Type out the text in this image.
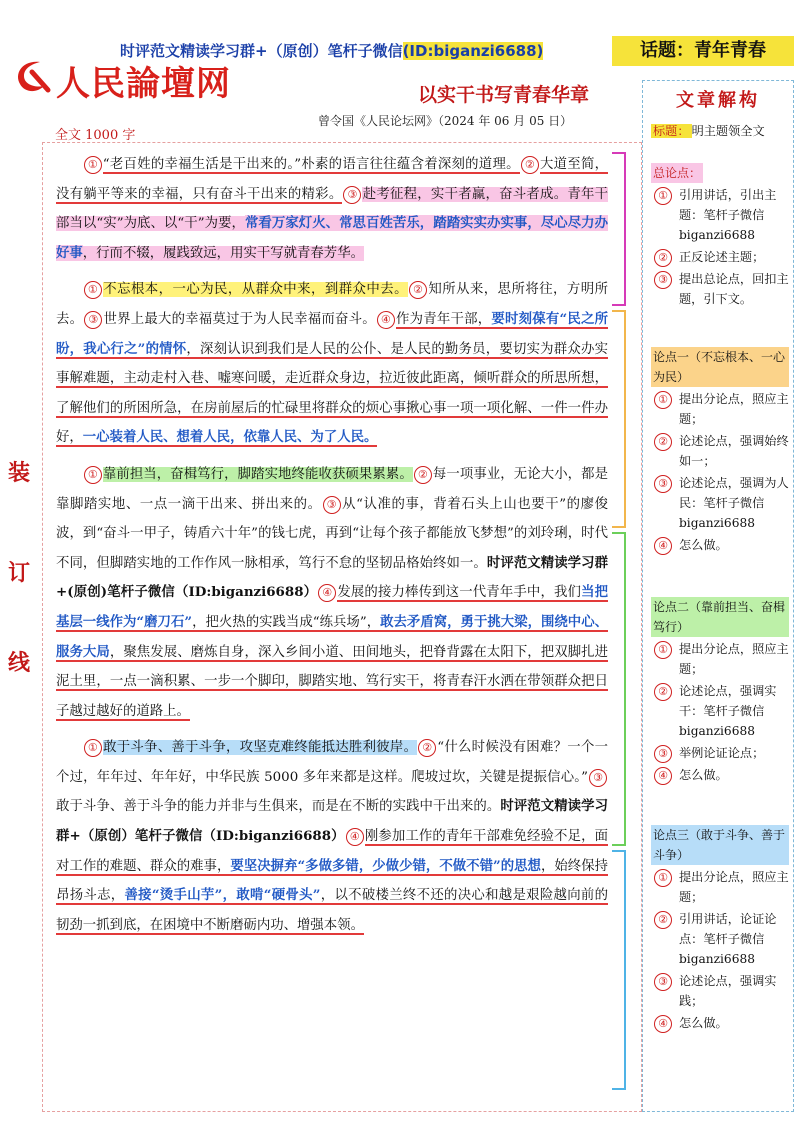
时评范文精读学习群+（原创）笔杆子微信(ID:biganzi6688)	话题：青年青春
人民論壇网	以实干书写青春华章
曾令国《人民论坛网》（2024 年 06 月 05 日）
全文 1000 字
装
订
线

① “老百姓的幸福生活是干出来的。”朴素的语言往往蕴含着深刻的道理。 ② 大道至简，没有躺平等来的幸福，只有奋斗干出来的精彩。 ③ 赴考征程，实干者赢，奋斗者成。青年干部当以“实”为底、以“干”为要，常看万家灯火、常思百姓苦乐，踏踏实实办实事，尽心尽力办好事，行而不辍，履践致远，用实干写就青春芳华。

① 不忘根本，一心为民，从群众中来，到群众中去。 ② 知所从来，思所将往，方明所去。 ③ 世界上最大的幸福莫过于为人民幸福而奋斗。 ④ 作为青年干部，要时刻葆有“民之所盼，我心行之”的情怀，深刻认识到我们是人民的公仆、是人民的勤务员，要切实为群众办实事解难题，主动走村入巷、嘘寒问暖，走近群众身边，拉近彼此距离，倾听群众的所思所想，了解他们的所困所急，在房前屋后的忙碌里将群众的烦心事揪心事一项一项化解、一件一件办好，一心装着人民、想着人民，依靠人民、为了人民。

① 靠前担当，奋楫笃行，脚踏实地终能收获硕果累累。 ② 每一项事业，无论大小，都是靠脚踏实地、一点一滴干出来、拼出来的。 ③ 从“认准的事，背着石头上山也要干”的廖俊波，到“奋斗一甲子，铸盾六十年”的钱七虎，再到“让每个孩子都能放飞梦想”的刘玲琍，时代不同，但脚踏实地的工作作风一脉相承，笃行不怠的坚韧品格始终如一。时评范文精读学习群+(原创)笔杆子微信（ID:biganzi6688） ④ 发展的接力棒传到这一代青年手中，我们当把基层一线作为“磨刀石”，把火热的实践当成“练兵场”，敢去矛盾窝，勇于挑大梁，围绕中心、服务大局，聚焦发展、磨炼自身，深入乡间小道、田间地头，把脊背露在太阳下，把双脚扎进泥土里，一点一滴积累、一步一个脚印，脚踏实地、笃行实干，将青春汗水洒在带领群众把日子越过越好的道路上。

① 敢于斗争、善于斗争，攻坚克难终能抵达胜利彼岸。 ② “什么时候没有困难？一个一个过，年年过、年年好，中华民族 5000 多年来都是这样。爬坡过坎，关键是提振信心。” ③敢于斗争、善于斗争的能力并非与生俱来，而是在不断的实践中干出来的。时评范文精读学习群+（原创）笔杆子微信（ID:biganzi6688） ④ 刚参加工作的青年干部难免经验不足，面对工作的难题、群众的难事，要坚决摒弃“多做多错，少做少错，不做不错”的思想，始终保持昂扬斗志，善接“烫手山芋”，敢啃“硬骨头”，以不破楼兰终不还的决心和越是艰险越向前的韧劲一抓到底，在困境中不断磨砺内功、增强本领。

文章解构
标题： 明主题领全文
总论点：
① 引用讲话，引出主题：笔杆子微信 biganzi6688
② 正反论述主题；
③ 提出总论点，回扣主题，引下文。
论点一（不忘根本、一心为民）
① 提出分论点，照应主题；
② 论述论点，强调始终如一；
③ 论述论点，强调为人民：笔杆子微信 biganzi6688
④ 怎么做。
论点二（靠前担当、奋楫笃行）
① 提出分论点，照应主题；
② 论述论点，强调实干：笔杆子微信 biganzi6688
③ 举例论证论点；
④ 怎么做。
论点三（敢于斗争、善于斗争）
① 提出分论点，照应主题；
② 引用讲话，论证论点：笔杆子微信 biganzi6688
③ 论述论点，强调实践；
④ 怎么做。
